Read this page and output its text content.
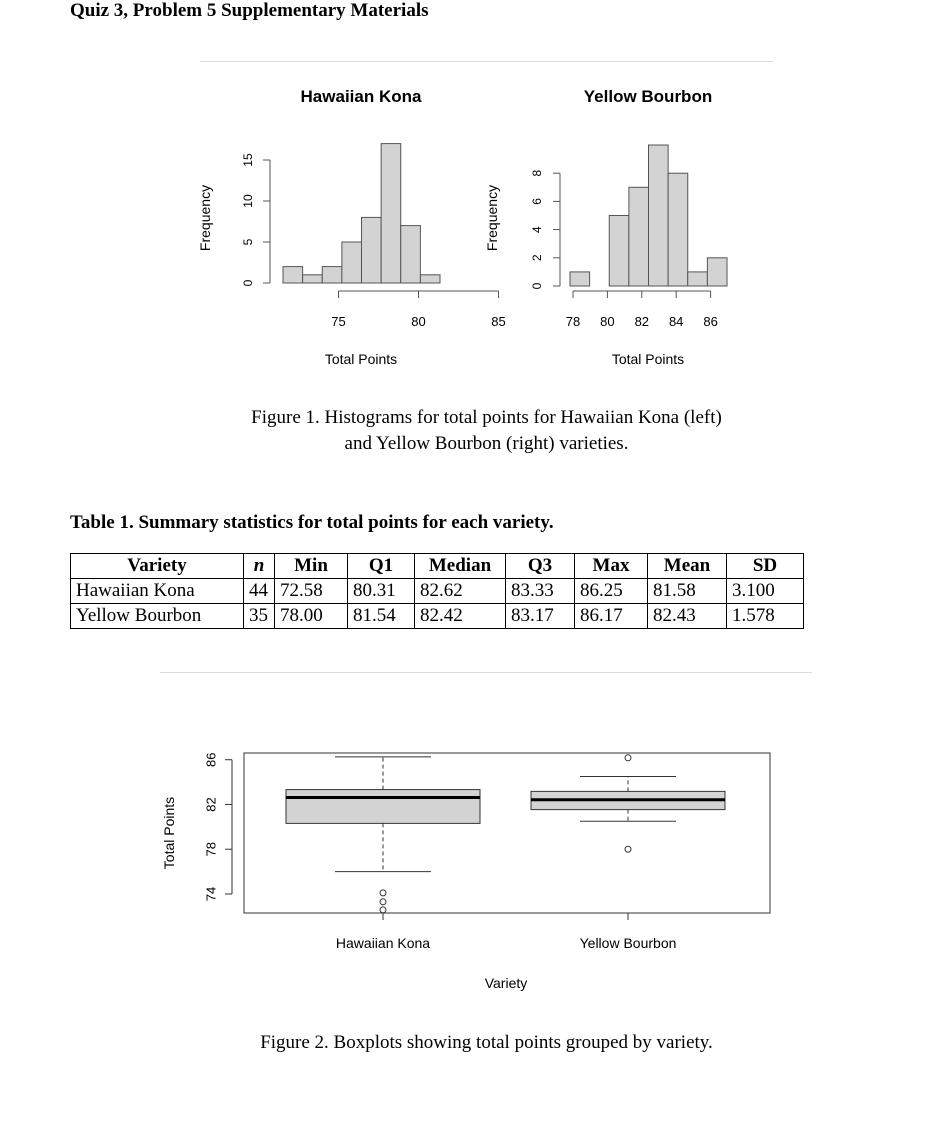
Quiz 3, Problem 5 Supplementary Materials
Hawaiian Kona
75	80	85
Total Points
0
5
10
15
Frequency
Yellow Bourbon
78 80 82 84 86
Total Points
0
2
4
6
8
Frequency
Figure 1. Histograms for total points for Hawaiian Kona (left)
and Yellow Bourbon (right) varieties.
Table 1. Summary statistics for total points for each variety.
Variety	n	Min	Q1	Median	Q3	Max	Mean	SD
Hawaiian Kona	44	72.58	80.31	82.62	83.33	86.25	81.58	3.100
Yellow Bourbon	35	78.00	81.54	82.42	83.17	86.17	82.43	1.578
Hawaiian Kona	Yellow Bourbon
74
78
82
86
Total Points
Variety
Figure 2. Boxplots showing total points grouped by variety.
